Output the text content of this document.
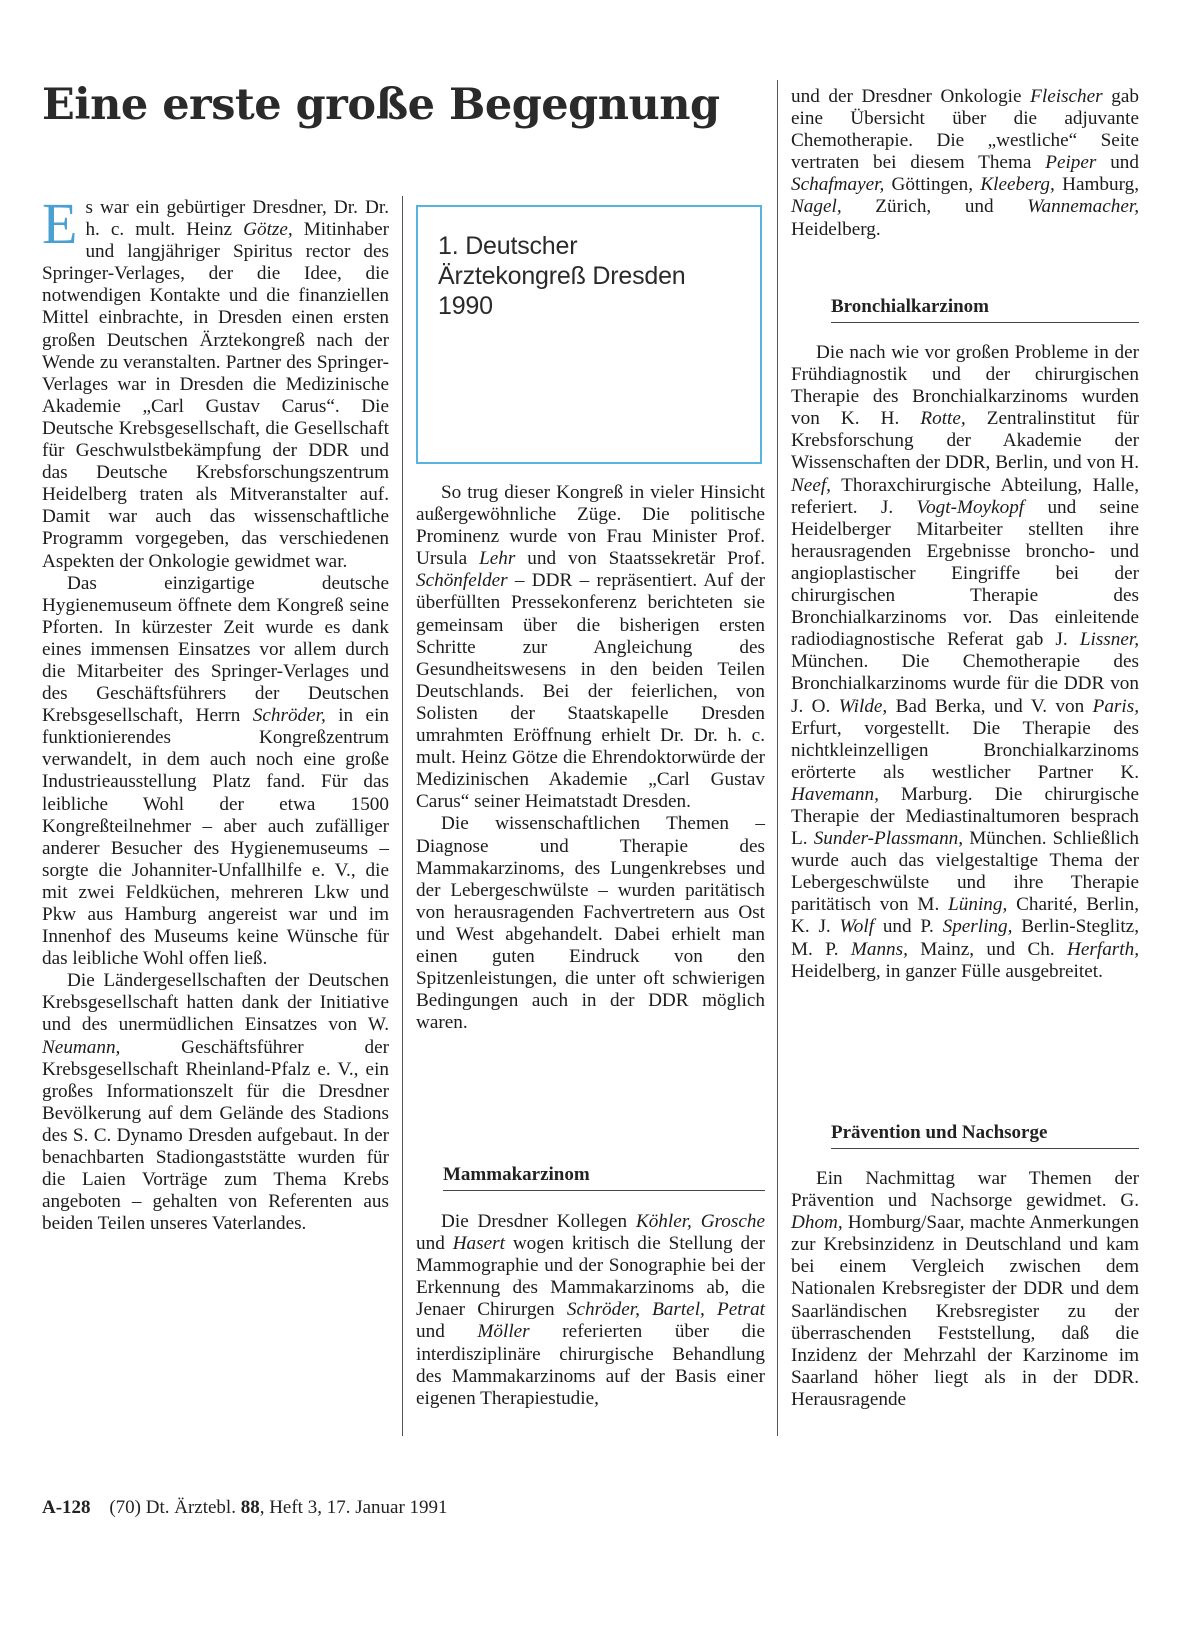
Eine erste große Begegnung

Es war ein gebürtiger Dresdner, Dr. Dr. h. c. mult. Heinz Götze, Mitinhaber und langjähriger Spiritus rector des Springer-Verlages, der die Idee, die notwendigen Kontakte und die finanziellen Mittel einbrachte, in Dresden einen ersten großen Deutschen Ärztekongreß nach der Wende zu veranstalten. Partner des Springer-Verlages war in Dresden die Medizinische Akademie „Carl Gustav Carus“. Die Deutsche Krebsgesellschaft, die Gesellschaft für Geschwulstbekämpfung der DDR und das Deutsche Krebsforschungszentrum Heidelberg traten als Mitveranstalter auf. Damit war auch das wissenschaftliche Programm vorgegeben, das verschiedenen Aspekten der Onkologie gewidmet war.

Das einzigartige deutsche Hygienemuseum öffnete dem Kongreß seine Pforten. In kürzester Zeit wurde es dank eines immensen Einsatzes vor allem durch die Mitarbeiter des Springer-Verlages und des Geschäftsführers der Deutschen Krebsgesellschaft, Herrn Schröder, in ein funktionierendes Kongreßzentrum verwandelt, in dem auch noch eine große Industrieausstellung Platz fand. Für das leibliche Wohl der etwa 1500 Kongreßteilnehmer – aber auch zufälliger anderer Besucher des Hygienemuseums – sorgte die Johanniter-Unfallhilfe e. V., die mit zwei Feldküchen, mehreren Lkw und Pkw aus Hamburg angereist war und im Innenhof des Museums keine Wünsche für das leibliche Wohl offen ließ.

Die Ländergesellschaften der Deutschen Krebsgesellschaft hatten dank der Initiative und des unermüdlichen Einsatzes von W. Neumann, Geschäftsführer der Krebsgesellschaft Rheinland-Pfalz e. V., ein großes Informationszelt für die Dresdner Bevölkerung auf dem Gelände des Stadions des S. C. Dynamo Dresden aufgebaut. In der benachbarten Stadiongaststätte wurden für die Laien Vorträge zum Thema Krebs angeboten – gehalten von Referenten aus beiden Teilen unseres Vaterlandes.

1. Deutscher
Ärztekongreß Dresden
1990

So trug dieser Kongreß in vieler Hinsicht außergewöhnliche Züge. Die politische Prominenz wurde von Frau Minister Prof. Ursula Lehr und von Staatssekretär Prof. Schönfelder – DDR – repräsentiert. Auf der überfüllten Pressekonferenz berichteten sie gemeinsam über die bisherigen ersten Schritte zur Angleichung des Gesundheitswesens in den beiden Teilen Deutschlands. Bei der feierlichen, von Solisten der Staatskapelle Dresden umrahmten Eröffnung erhielt Dr. Dr. h. c. mult. Heinz Götze die Ehrendoktorwürde der Medizinischen Akademie „Carl Gustav Carus“ seiner Heimatstadt Dresden.

Die wissenschaftlichen Themen – Diagnose und Therapie des Mammakarzinoms, des Lungenkrebses und der Lebergeschwülste – wurden paritätisch von herausragenden Fachvertretern aus Ost und West abgehandelt. Dabei erhielt man einen guten Eindruck von den Spitzenleistungen, die unter oft schwierigen Bedingungen auch in der DDR möglich waren.

Mammakarzinom

Die Dresdner Kollegen Köhler, Grosche und Hasert wogen kritisch die Stellung der Mammographie und der Sonographie bei der Erkennung des Mammakarzinoms ab, die Jenaer Chirurgen Schröder, Bartel, Petrat und Möller referierten über die interdisziplinäre chirurgische Behandlung des Mammakarzinoms auf der Basis einer eigenen Therapiestudie,

und der Dresdner Onkologie Fleischer gab eine Übersicht über die adjuvante Chemotherapie. Die „westliche“ Seite vertraten bei diesem Thema Peiper und Schafmayer, Göttingen, Kleeberg, Hamburg, Nagel, Zürich, und Wannemacher, Heidelberg.

Bronchialkarzinom

Die nach wie vor großen Probleme in der Frühdiagnostik und der chirurgischen Therapie des Bronchialkarzinoms wurden von K. H. Rotte, Zentralinstitut für Krebsforschung der Akademie der Wissenschaften der DDR, Berlin, und von H. Neef, Thoraxchirurgische Abteilung, Halle, referiert. J. Vogt-Moykopf und seine Heidelberger Mitarbeiter stellten ihre herausragenden Ergebnisse broncho- und angioplastischer Eingriffe bei der chirurgischen Therapie des Bronchialkarzinoms vor. Das einleitende radiodiagnostische Referat gab J. Lissner, München. Die Chemotherapie des Bronchialkarzinoms wurde für die DDR von J. O. Wilde, Bad Berka, und V. von Paris, Erfurt, vorgestellt. Die Therapie des nichtkleinzelligen Bronchialkarzinoms erörterte als westlicher Partner K. Havemann, Marburg. Die chirurgische Therapie der Mediastinaltumoren besprach L. Sunder-Plassmann, München. Schließlich wurde auch das vielgestaltige Thema der Lebergeschwülste und ihre Therapie paritätisch von M. Lüning, Charité, Berlin, K. J. Wolf und P. Sperling, Berlin-Steglitz, M. P. Manns, Mainz, und Ch. Herfarth, Heidelberg, in ganzer Fülle ausgebreitet.

Prävention und Nachsorge

Ein Nachmittag war Themen der Prävention und Nachsorge gewidmet. G. Dhom, Homburg/Saar, machte Anmerkungen zur Krebsinzidenz in Deutschland und kam bei einem Vergleich zwischen dem Nationalen Krebsregister der DDR und dem Saarländischen Krebsregister zu der überraschenden Feststellung, daß die Inzidenz der Mehrzahl der Karzinome im Saarland höher liegt als in der DDR. Herausragende

A-128 (70) Dt. Ärztebl. 88, Heft 3, 17. Januar 1991
